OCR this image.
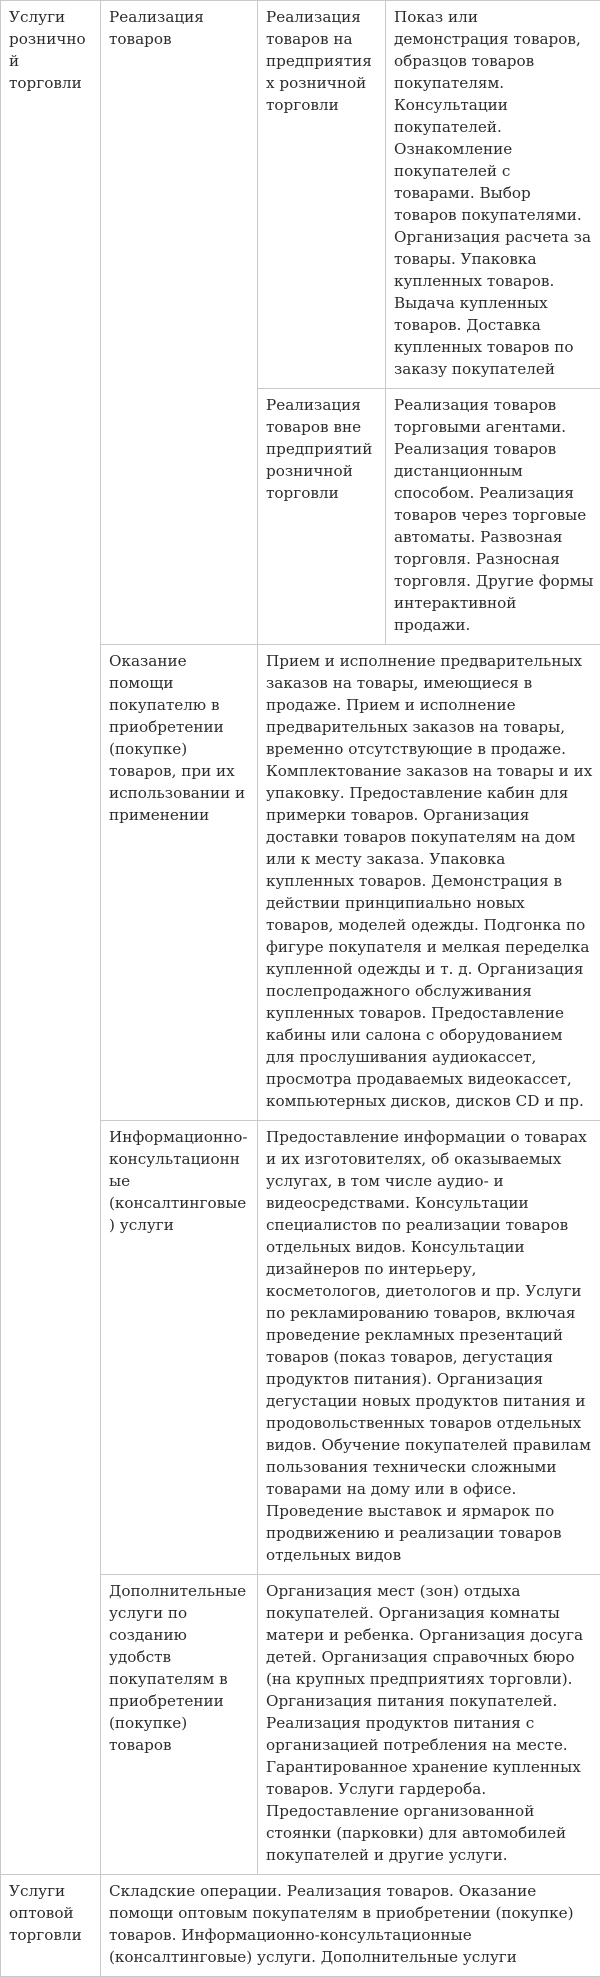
Услуги розничной торговли	Реализация товаров	Реализация товаров на предприятиях розничной торговли	Показ или демонстрация товаров, образцов товаров покупателям. Консультации покупателей. Ознакомление покупателей с товарами. Выбор товаров покупателями. Организация расчета за товары. Упаковка купленных товаров. Выдача купленных товаров. Доставка купленных товаров по заказу покупателей
		Реализация товаров вне предприятий розничной торговли	Реализация товаров торговыми агентами. Реализация товаров дистанционным способом. Реализация товаров через торговые автоматы. Развозная торговля. Разносная торговля. Другие формы интерактивной продажи.
	Оказание помощи покупателю в приобретении (покупке) товаров, при их использовании и применении	Прием и исполнение предварительных заказов на товары, имеющиеся в продаже. Прием и исполнение предварительных заказов на товары, временно отсутствующие в продаже. Комплектование заказов на товары и их упаковку. Предоставление кабин для примерки товаров. Организация доставки товаров покупателям на дом или к месту заказа. Упаковка купленных товаров. Демонстрация в действии принципиально новых товаров, моделей одежды. Подгонка по фигуре покупателя и мелкая переделка купленной одежды и т. д. Организация послепродажного обслуживания купленных товаров. Предоставление кабины или салона с оборудованием для прослушивания аудиокассет, просмотра продаваемых видеокассет, компьютерных дисков, дисков CD и пр.	
	Информационно-консультационные (консалтинговые) услуги	Предоставление информации о товарах и их изготовителях, об оказываемых услугах, в том числе аудио- и видеосредствами. Консультации специалистов по реализации товаров отдельных видов. Консультации дизайнеров по интерьеру, косметологов, диетологов и пр. Услуги по рекламированию товаров, включая проведение рекламных презентаций товаров (показ товаров, дегустация продуктов питания). Организация дегустации новых продуктов питания и продовольственных товаров отдельных видов. Обучение покупателей правилам пользования технически сложными товарами на дому или в офисе. Проведение выставок и ярмарок по продвижению и реализации товаров отдельных видов	
	Дополнительные услуги по созданию удобств покупателям в приобретении (покупке) товаров	Организация мест (зон) отдыха покупателей. Организация комнаты матери и ребенка. Организация досуга детей. Организация справочных бюро (на крупных предприятиях торговли). Организация питания покупателей. Реализация продуктов питания с организацией потребления на месте. Гарантированное хранение купленных товаров. Услуги гардероба. Предоставление организованной стоянки (парковки) для автомобилей покупателей и другие услуги.	
Услуги оптовой торговли	Складские операции. Реализация товаров. Оказание помощи оптовым покупателям в приобретении (покупке) товаров. Информационно-консультационные (консалтинговые) услуги. Дополнительные услуги		
